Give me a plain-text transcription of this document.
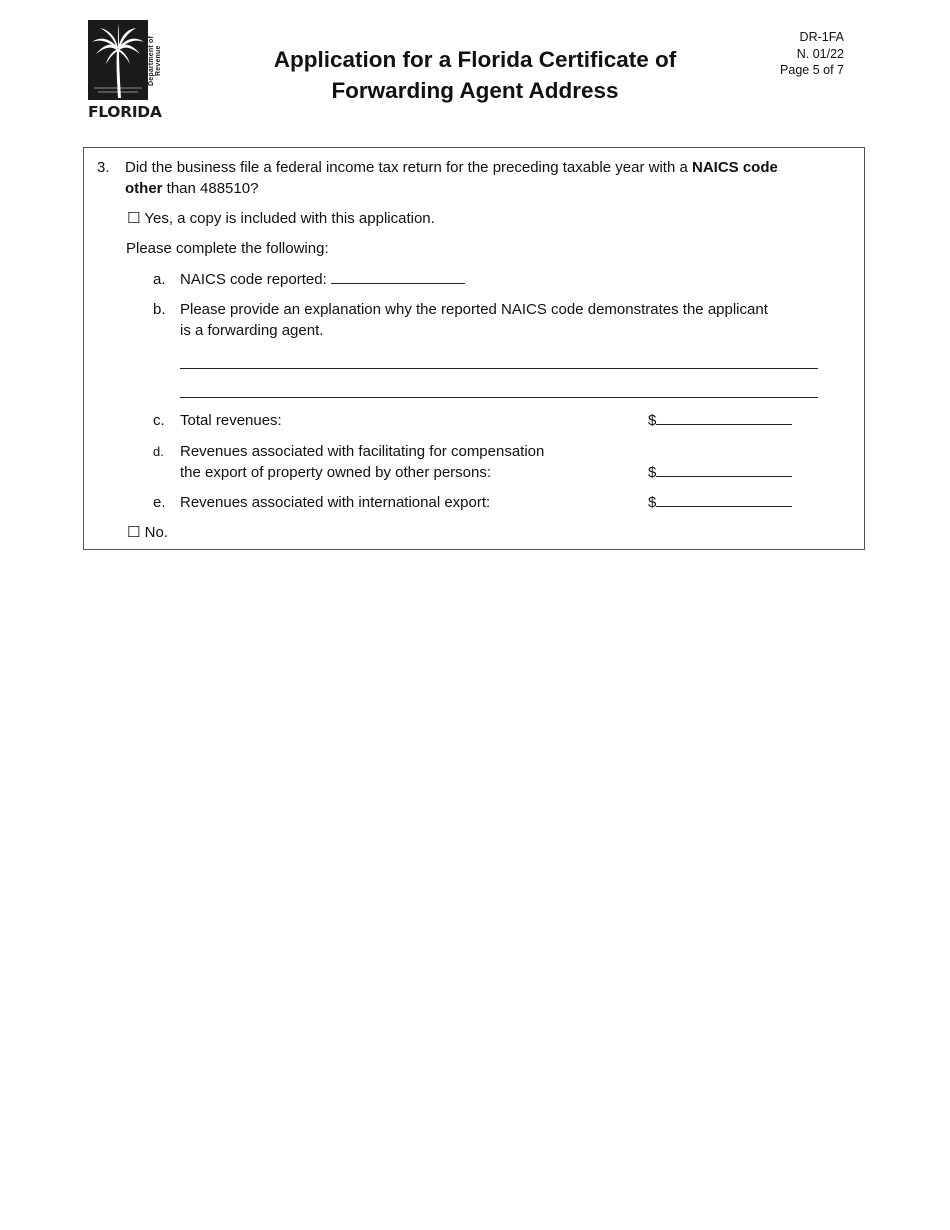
Department of Revenue
FLORIDA
Application for a Florida Certificate of
Forwarding Agent Address
DR-1FA
N. 01/22
Page 5 of 7
3. Did the business file a federal income tax return for the preceding taxable year with a NAICS code
other than 488510?
☐ Yes, a copy is included with this application.
Please complete the following:
a. NAICS code reported:
b. Please provide an explanation why the reported NAICS code demonstrates the applicant
is a forwarding agent.
c. Total revenues:	$
d. Revenues associated with facilitating for compensation
the export of property owned by other persons:	$
e. Revenues associated with international export:	$
☐ No.
